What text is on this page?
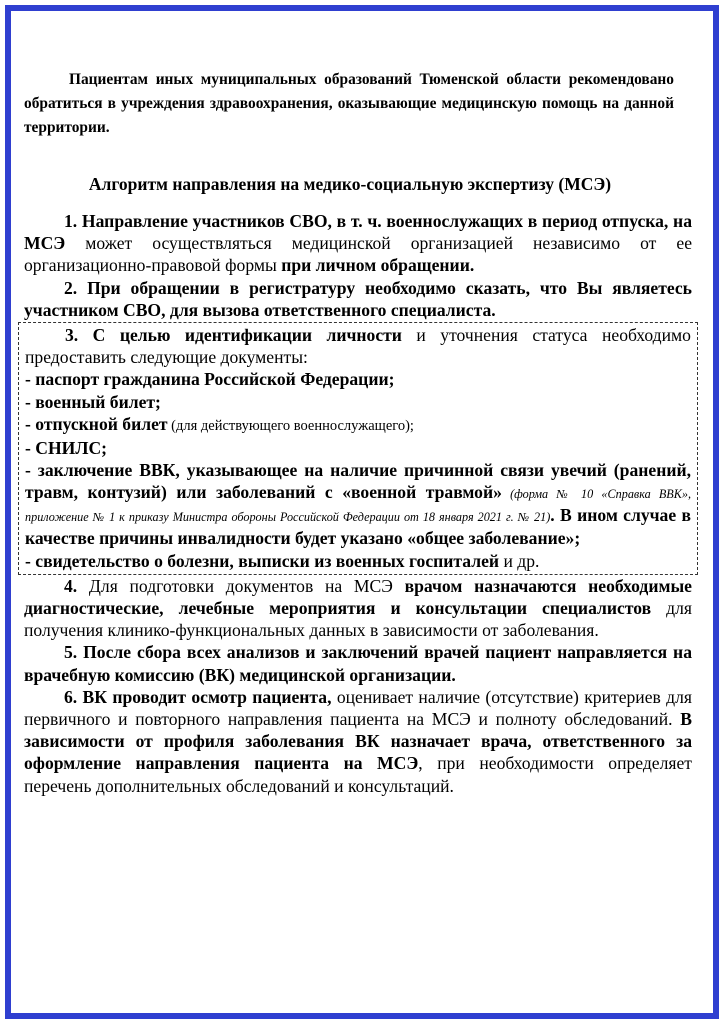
Пациентам иных муниципальных образований Тюменской области рекомендовано обратиться в учреждения здравоохранения, оказывающие медицинскую помощь на данной территории.

Алгоритм направления на медико-социальную экспертизу (МСЭ)

1. Направление участников СВО, в т. ч. военнослужащих в период отпуска, на МСЭ может осуществляться медицинской организацией независимо от ее организационно-правовой формы при личном обращении.

2. При обращении в регистратуру необходимо сказать, что Вы являетесь участником СВО, для вызова ответственного специалиста.

3. С целью идентификации личности и уточнения статуса необходимо предоставить следующие документы:

- паспорт гражданина Российской Федерации;

- военный билет;

- отпускной билет (для действующего военнослужащего);

- СНИЛС;

- заключение ВВК, указывающее на наличие причинной связи увечий (ранений, травм, контузий) или заболеваний с «военной травмой» (форма № 10 «Справка ВВК», приложение № 1 к приказу Министра обороны Российской Федерации от 18 января 2021 г. № 21). В ином случае в качестве причины инвалидности будет указано «общее заболевание»;

- свидетельство о болезни, выписки из военных госпиталей и др.

4. Для подготовки документов на МСЭ врачом назначаются необходимые диагностические, лечебные мероприятия и консультации специалистов для получения клинико-функциональных данных в зависимости от заболевания.

5. После сбора всех анализов и заключений врачей пациент направляется на врачебную комиссию (ВК) медицинской организации.

6. ВК проводит осмотр пациента, оценивает наличие (отсутствие) критериев для первичного и повторного направления пациента на МСЭ и полноту обследований. В зависимости от профиля заболевания ВК назначает врача, ответственного за оформление направления пациента на МСЭ, при необходимости определяет перечень дополнительных обследований и консультаций.
